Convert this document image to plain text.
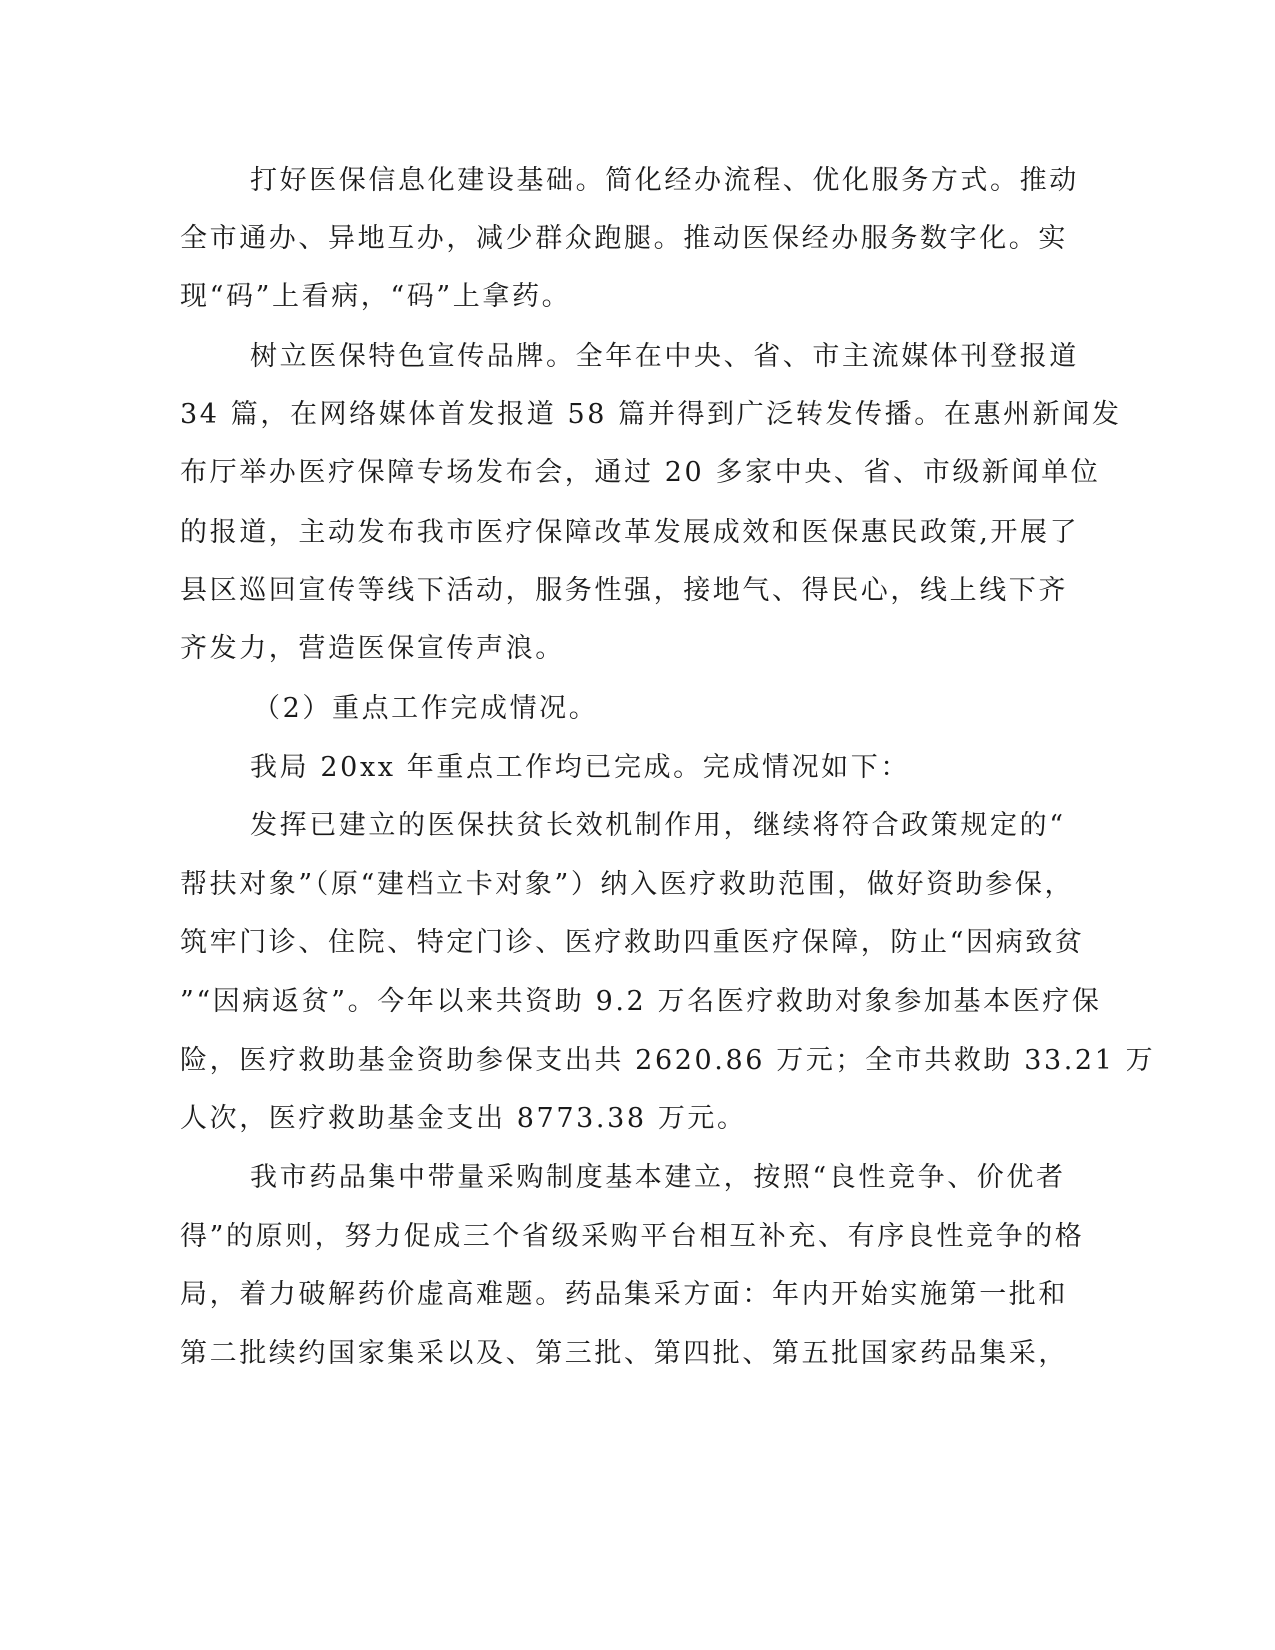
打好医保信息化建设基础。简化经办流程、优化服务方式。推动
全市通办、异地互办，减少群众跑腿。推动医保经办服务数字化。实
现“码”上看病，“码”上拿药。
树立医保特色宣传品牌。全年在中央、省、市主流媒体刊登报道
34 篇，在网络媒体首发报道 58 篇并得到广泛转发传播。在惠州新闻发
布厅举办医疗保障专场发布会，通过 20 多家中央、省、市级新闻单位
的报道，主动发布我市医疗保障改革发展成效和医保惠民政策,开展了
县区巡回宣传等线下活动，服务性强，接地气、得民心，线上线下齐
齐发力，营造医保宣传声浪。
（2）重点工作完成情况。
我局 20xx 年重点工作均已完成。完成情况如下：
发挥已建立的医保扶贫长效机制作用，继续将符合政策规定的“
帮扶对象”（原“建档立卡对象”）纳入医疗救助范围，做好资助参保，
筑牢门诊、住院、特定门诊、医疗救助四重医疗保障，防止“因病致贫
”“因病返贫”。今年以来共资助 9.2 万名医疗救助对象参加基本医疗保
险，医疗救助基金资助参保支出共 2620.86 万元；全市共救助 33.21 万
人次，医疗救助基金支出 8773.38 万元。
我市药品集中带量采购制度基本建立，按照“良性竞争、价优者
得”的原则，努力促成三个省级采购平台相互补充、有序良性竞争的格
局，着力破解药价虚高难题。药品集采方面：年内开始实施第一批和
第二批续约国家集采以及、第三批、第四批、第五批国家药品集采，
